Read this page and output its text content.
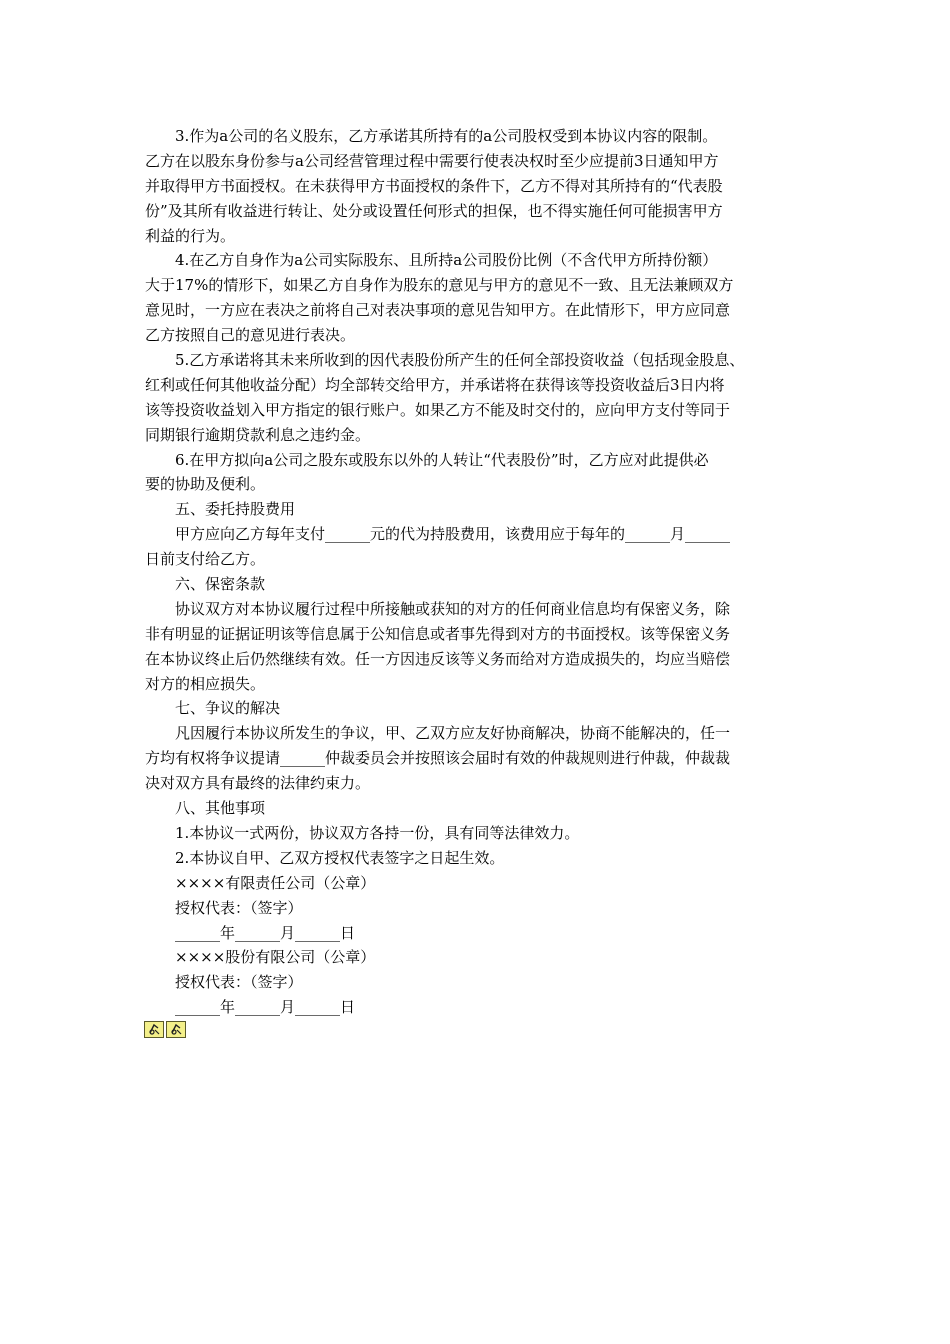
3.作为a公司的名义股东，乙方承诺其所持有的a公司股权受到本协议内容的限制。
乙方在以股东身份参与a公司经营管理过程中需要行使表决权时至少应提前3日通知甲方
并取得甲方书面授权。在未获得甲方书面授权的条件下，乙方不得对其所持有的“代表股
份”及其所有收益进行转让、处分或设置任何形式的担保，也不得实施任何可能损害甲方
利益的行为。
4.在乙方自身作为a公司实际股东、且所持a公司股份比例（不含代甲方所持份额）
大于17%的情形下，如果乙方自身作为股东的意见与甲方的意见不一致、且无法兼顾双方
意见时，一方应在表决之前将自己对表决事项的意见告知甲方。在此情形下，甲方应同意
乙方按照自己的意见进行表决。
5.乙方承诺将其未来所收到的因代表股份所产生的任何全部投资收益（包括现金股息、
红利或任何其他收益分配）均全部转交给甲方，并承诺将在获得该等投资收益后3日内将
该等投资收益划入甲方指定的银行账户。如果乙方不能及时交付的，应向甲方支付等同于
同期银行逾期贷款利息之违约金。
6.在甲方拟向a公司之股东或股东以外的人转让“代表股份”时，乙方应对此提供必
要的协助及便利。
五、委托持股费用
甲方应向乙方每年支付______元的代为持股费用，该费用应于每年的______月______
日前支付给乙方。
六、保密条款
协议双方对本协议履行过程中所接触或获知的对方的任何商业信息均有保密义务，除
非有明显的证据证明该等信息属于公知信息或者事先得到对方的书面授权。该等保密义务
在本协议终止后仍然继续有效。任一方因违反该等义务而给对方造成损失的，均应当赔偿
对方的相应损失。
七、争议的解决
凡因履行本协议所发生的争议，甲、乙双方应友好协商解决，协商不能解决的，任一
方均有权将争议提请______仲裁委员会并按照该会届时有效的仲裁规则进行仲裁，仲裁裁
决对双方具有最终的法律约束力。
八、其他事项
1.本协议一式两份，协议双方各持一份，具有同等法律效力。
2.本协议自甲、乙双方授权代表签字之日起生效。
××××有限责任公司（公章）
授权代表：（签字）
______年______月______日
××××股份有限公司（公章）
授权代表：（签字）
______年______月______日
